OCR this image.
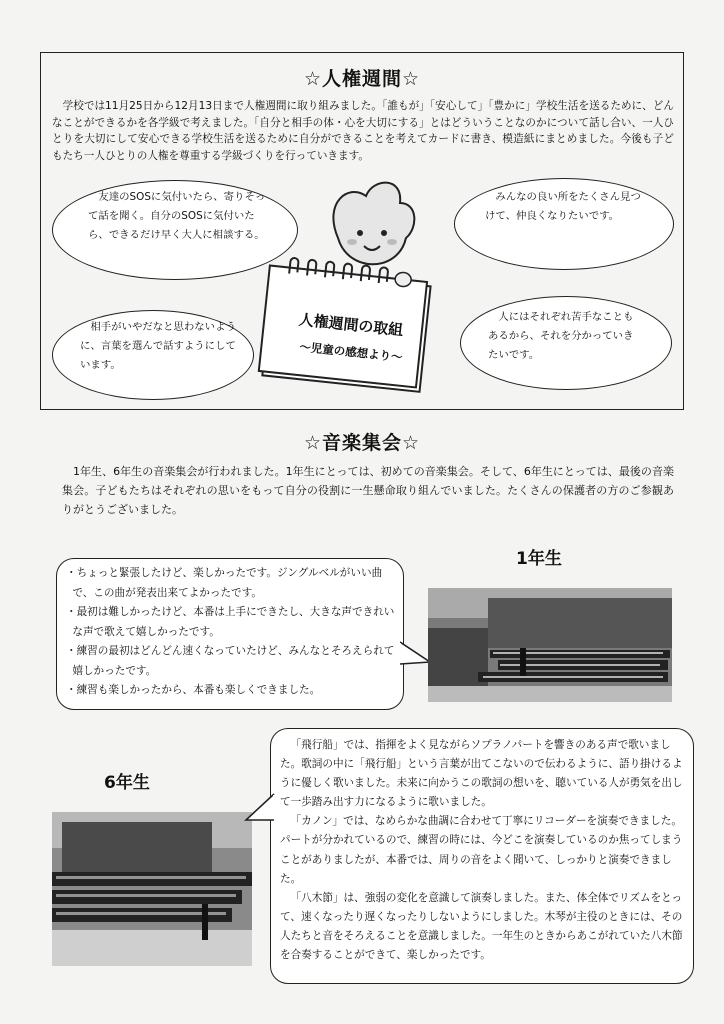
☆人権週間☆
学校では11月25日から12月13日まで人権週間に取り組みました。「誰もが」「安心して」「豊かに」学校生活を送るために、どんなことができるかを各学級で考えました。「自分と相手の体・心を大切にする」とはどういうことなのかについて話し合い、一人ひとりを大切にして安心できる学校生活を送るために自分ができることを考えてカードに書き、模造紙にまとめました。今後も子どもたち一人ひとりの人権を尊重する学級づくりを行っていきます。
友達のSOSに気付いたら、寄りそって話を聞く。自分のSOSに気付いたら、できるだけ早く大人に相談する。
みんなの良い所をたくさん見つけて、仲良くなりたいです。
相手がいやだなと思わないように、言葉を選んで話すようにしています。
人にはそれぞれ苦手なこともあるから、それを分かっていきたいです。
人権週間の取組
〜児童の感想より〜
☆音楽集会☆
1年生、6年生の音楽集会が行われました。1年生にとっては、初めての音楽集会。そして、6年生にとっては、最後の音楽集会。子どもたちはそれぞれの思いをもって自分の役割に一生懸命取り組んでいました。たくさんの保護者の方のご参観ありがとうございました。
1年生
・ちょっと緊張したけど、楽しかったです。ジングルベルがいい曲で、この曲が発表出来てよかったです。
・最初は難しかったけど、本番は上手にできたし、大きな声できれいな声で歌えて嬉しかったです。
・練習の最初はどんどん速くなっていたけど、みんなとそろえられて嬉しかったです。
・練習も楽しかったから、本番も楽しくできました。
6年生
「飛行船」では、指揮をよく見ながらソプラノパートを響きのある声で歌いました。歌詞の中に「飛行船」という言葉が出てこないので伝わるように、語り掛けるように優しく歌いました。未来に向かうこの歌詞の想いを、聴いている人が勇気を出して一歩踏み出す力になるように歌いました。
「カノン」では、なめらかな曲調に合わせて丁寧にリコーダーを演奏できました。パートが分かれているので、練習の時には、今どこを演奏しているのか焦ってしまうことがありましたが、本番では、周りの音をよく聞いて、しっかりと演奏できました。
「八木節」は、強弱の変化を意識して演奏しました。また、体全体でリズムをとって、速くなったり遅くなったりしないようにしました。木琴が主役のときには、その人たちと音をそろえることを意識しました。一年生のときからあこがれていた八木節を合奏することができて、楽しかったです。
